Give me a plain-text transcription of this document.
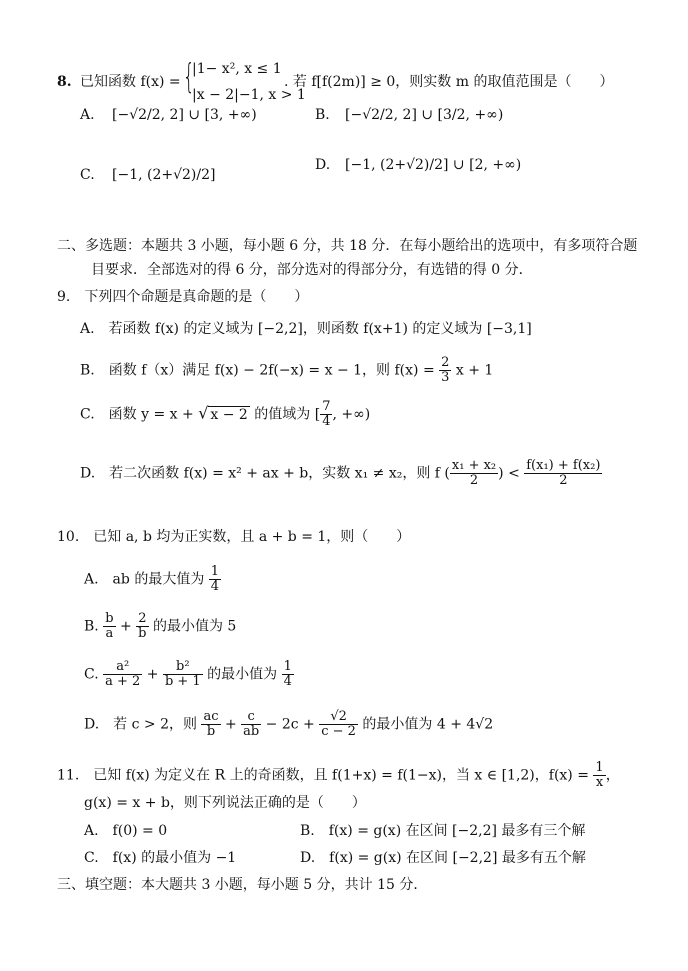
8. 已知函数 f(x) = {
|1− x², x ≤ 1
|x − 2|−1, x > 1
. 若 f[f(2m)] ≥ 0，则实数 m 的取值范围是（　　）
A. [−√2/2, 2] ∪ [3, +∞)	B. [−√2/2, 2] ∪ [3/2, +∞)
C. [−1, (2+√2)/2]
D. [−1, (2+√2)/2] ∪ [2, +∞)
二、多选题：本题共 3 小题，每小题 6 分，共 18 分．在每小题给出的选项中，有多项符合题
目要求．全部选对的得 6 分，部分选对的得部分分，有选错的得 0 分．
9.　下列四个命题是真命题的是（　　）
A.　若函数 f(x) 的定义域为 [−2,2]，则函数 f(x+1) 的定义域为 [−3,1]
B.　函数 f（x）满足 f(x) − 2f(−x) = x − 1，则 $f(x) = \frac{2}{3}$ x + 1
C.　函数 y = x + √ x − 2 的值域为 [ $\frac{7}{4}$ , +∞)
D.　若二次函数 f(x) = x² + ax + b，实数 x₁ ≠ x₂，则 f ( $\frac{\text{x₁ + x₂}}{2}$ ) < $\frac{\text{f(x₁) + f(x₂)}}{2}$
10.　已知 a, b 均为正实数，且 a + b = 1，则（　　）
A.　ab 的最大值为 $\frac{1}{4}$
B. $\frac{b}{a} + \frac{2}{b}$ 的最小值为 5
C. $\frac{\text{a²}}{a + 2} + \frac{\text{b²}}{b + 1}$ 的最小值为 $\frac{1}{4}$
D.　若 c > 2，则 $\frac{ac}{b} + \frac{c}{ab} - 2c + \frac{√2}{c - 2}$ 的最小值为 4 + 4√2
11.　已知 f(x) 为定义在 R 上的奇函数，且 f(1+x) = f(1−x)，当 x ∈ [1,2)，$f(x) = \frac{1}{x}$ ，
g(x) = x + b，则下列说法正确的是（　　）
A.　f(0) = 0	B.　f(x) = g(x) 在区间 [−2,2] 最多有三个解
C.　f(x) 的最小值为 −1	D.　f(x) = g(x) 在区间 [−2,2] 最多有五个解
三、填空题：本大题共 3 小题，每小题 5 分，共计 15 分．
